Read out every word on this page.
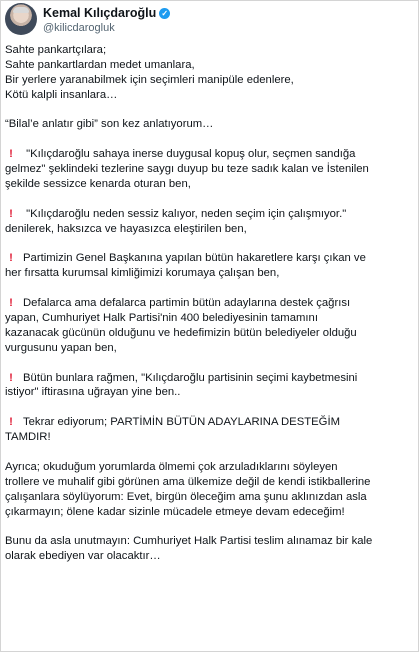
Kemal Kılıçdaroğlu ✓
@kilicdarogluk
Sahte pankartçılara;
Sahte pankartlardan medet umanlara,
Bir yerlere yaranabilmek için seçimleri manipüle edenlere,
Kötü kalpli insanlara…
“Bilal’e anlatır gibi” son kez anlatıyorum…
! "Kılıçdaroğlu sahaya inerse duygusal kopuş olur, seçmen sandığa
gelmez" şeklindeki tezlerine saygı duyup bu teze sadık kalan ve İstenilen
şekilde sessizce kenarda oturan ben,
! "Kılıçdaroğlu neden sessiz kalıyor, neden seçim için çalışmıyor."
denilerek, haksızca ve hayasızca eleştirilen ben,
! Partimizin Genel Başkanına yapılan bütün hakaretlere karşı çıkan ve
her fırsatta kurumsal kimliğimizi korumaya çalışan ben,
! Defalarca ama defalarca partimin bütün adaylarına destek çağrısı
yapan, Cumhuriyet Halk Partisi'nin 400 belediyesinin tamamını
kazanacak gücünün olduğunu ve hedefimizin bütün belediyeler olduğu
vurgusunu yapan ben,
! Bütün bunlara rağmen, "Kılıçdaroğlu partisinin seçimi kaybetmesini
istiyor" iftirasına uğrayan yine ben..
! Tekrar ediyorum; PARTİMİN BÜTÜN ADAYLARINA DESTEĞİM
TAMDIR!
Ayrıca; okuduğum yorumlarda ölmemi çok arzuladıklarını söyleyen
trollere ve muhalif gibi görünen ama ülkemize değil de kendi istikballerine
çalışanlara söylüyorum: Evet, birgün öleceğim ama şunu aklınızdan asla
çıkarmayın; ölene kadar sizinle mücadele etmeye devam edeceğim!
Bunu da asla unutmayın: Cumhuriyet Halk Partisi teslim alınamaz bir kale
olarak ebediyen var olacaktır…
